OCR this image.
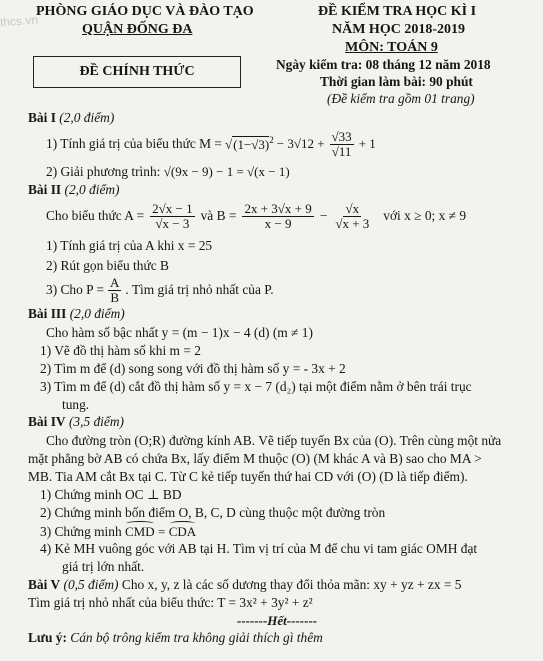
thcs.vn
PHÒNG GIÁO DỤC VÀ ĐÀO TẠO
QUẬN ĐỐNG ĐA
ĐỀ CHÍNH THỨC
ĐỀ KIỂM TRA HỌC KÌ I
NĂM HỌC 2018-2019
MÔN: TOÁN 9
Ngày kiểm tra: 08 tháng 12 năm 2018
Thời gian làm bài: 90 phút
(Đề kiểm tra gồm 01 trang)
Bài I (2,0 điểm)
1) Tính giá trị của biểu thức $M = √(1-√3)^2 - 3√12 + \frac{√33}{√11} + 1$
2) Giải phương trình: √(9x − 9) − 1 = √(x − 1)
Bài II (2,0 điểm)
Cho biểu thức $A = \frac{2√x - 1}{√x - 3}$ và $B = \frac{2x + 3√x + 9}{x - 9} - \frac{√x}{√x + 3}$ với x ≥ 0; x ≠ 9
1) Tính giá trị của A khi x = 25
2) Rút gọn biểu thức B
3) Cho $P = \frac{A}{B}$ . Tìm giá trị nhỏ nhất của P.
Bài III (2,0 điểm)
Cho hàm số bậc nhất y = (m − 1)x − 4 (d) (m ≠ 1)
1) Vẽ đồ thị hàm số khi m = 2
2) Tìm m để (d) song song với đồ thị hàm số y = - 3x + 2
3) Tìm m để (d) cắt đồ thị hàm số y = x − 7 (d₂) tại một điểm nằm ở bên trái trục
tung.
Bài IV (3,5 điểm)
Cho đường tròn (O;R) đường kính AB. Vẽ tiếp tuyến Bx của (O). Trên cùng một nửa
mặt phẳng bờ AB có chứa Bx, lấy điểm M thuộc (O) (M khác A và B) sao cho MA >
MB. Tia AM cắt Bx tại C. Từ C kẻ tiếp tuyến thứ hai CD với (O) (D là tiếp điểm).
1) Chứng minh OC ⊥ BD
2) Chứng minh bốn điểm O, B, C, D cùng thuộc một đường tròn
3) Chứng minh CMD = CDA
4) Kẻ MH vuông góc với AB tại H. Tìm vị trí của M để chu vi tam giác OMH đạt
giá trị lớn nhất.
Bài V (0,5 điểm) Cho x, y, z là các số dương thay đổi thỏa mãn: xy + yz + zx = 5
Tìm giá trị nhỏ nhất của biểu thức: T = 3x² + 3y² + z²
-------Hết-------
Lưu ý: Cán bộ trông kiểm tra không giải thích gì thêm
